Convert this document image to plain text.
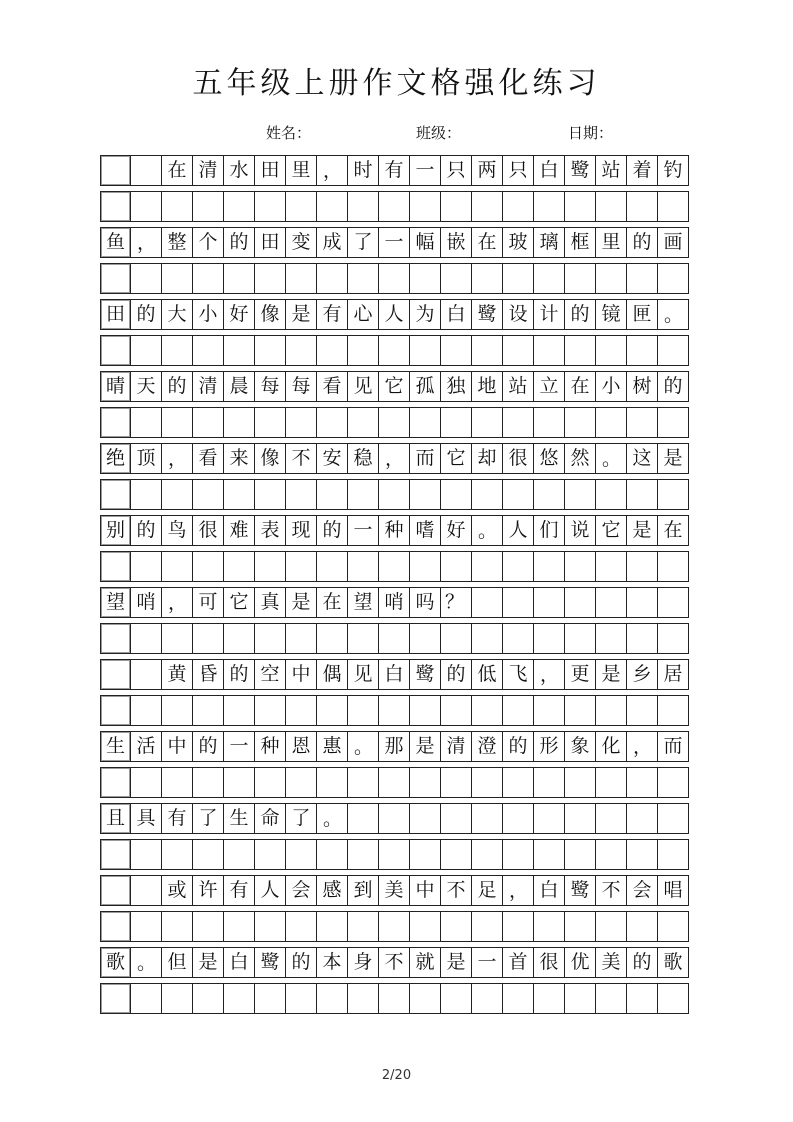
五年级上册作文格强化练习
姓名：	班级：	日期：
在 清 水 田 里 ， 时 有 一 只 两 只 白 鹭 站 着 钓
鱼 ， 整 个 的 田 变 成 了 一 幅 嵌 在 玻 璃 框 里 的 画
田 的 大 小 好 像 是 有 心 人 为 白 鹭 设 计 的 镜 匣 。
晴 天 的 清 晨 每 每 看 见 它 孤 独 地 站 立 在 小 树 的
绝 顶 ， 看 来 像 不 安 稳 ， 而 它 却 很 悠 然 。 这 是
别 的 鸟 很 难 表 现 的 一 种 嗜 好 。 人 们 说 它 是 在
望 哨 ， 可 它 真 是 在 望 哨 吗 ？
黄 昏 的 空 中 偶 见 白 鹭 的 低 飞 ， 更 是 乡 居
生 活 中 的 一 种 恩 惠 。 那 是 清 澄 的 形 象 化 ， 而
且 具 有 了 生 命 了 。
或 许 有 人 会 感 到 美 中 不 足 ， 白 鹭 不 会 唱
歌 。 但 是 白 鹭 的 本 身 不 就 是 一 首 很 优 美 的 歌
2/20
